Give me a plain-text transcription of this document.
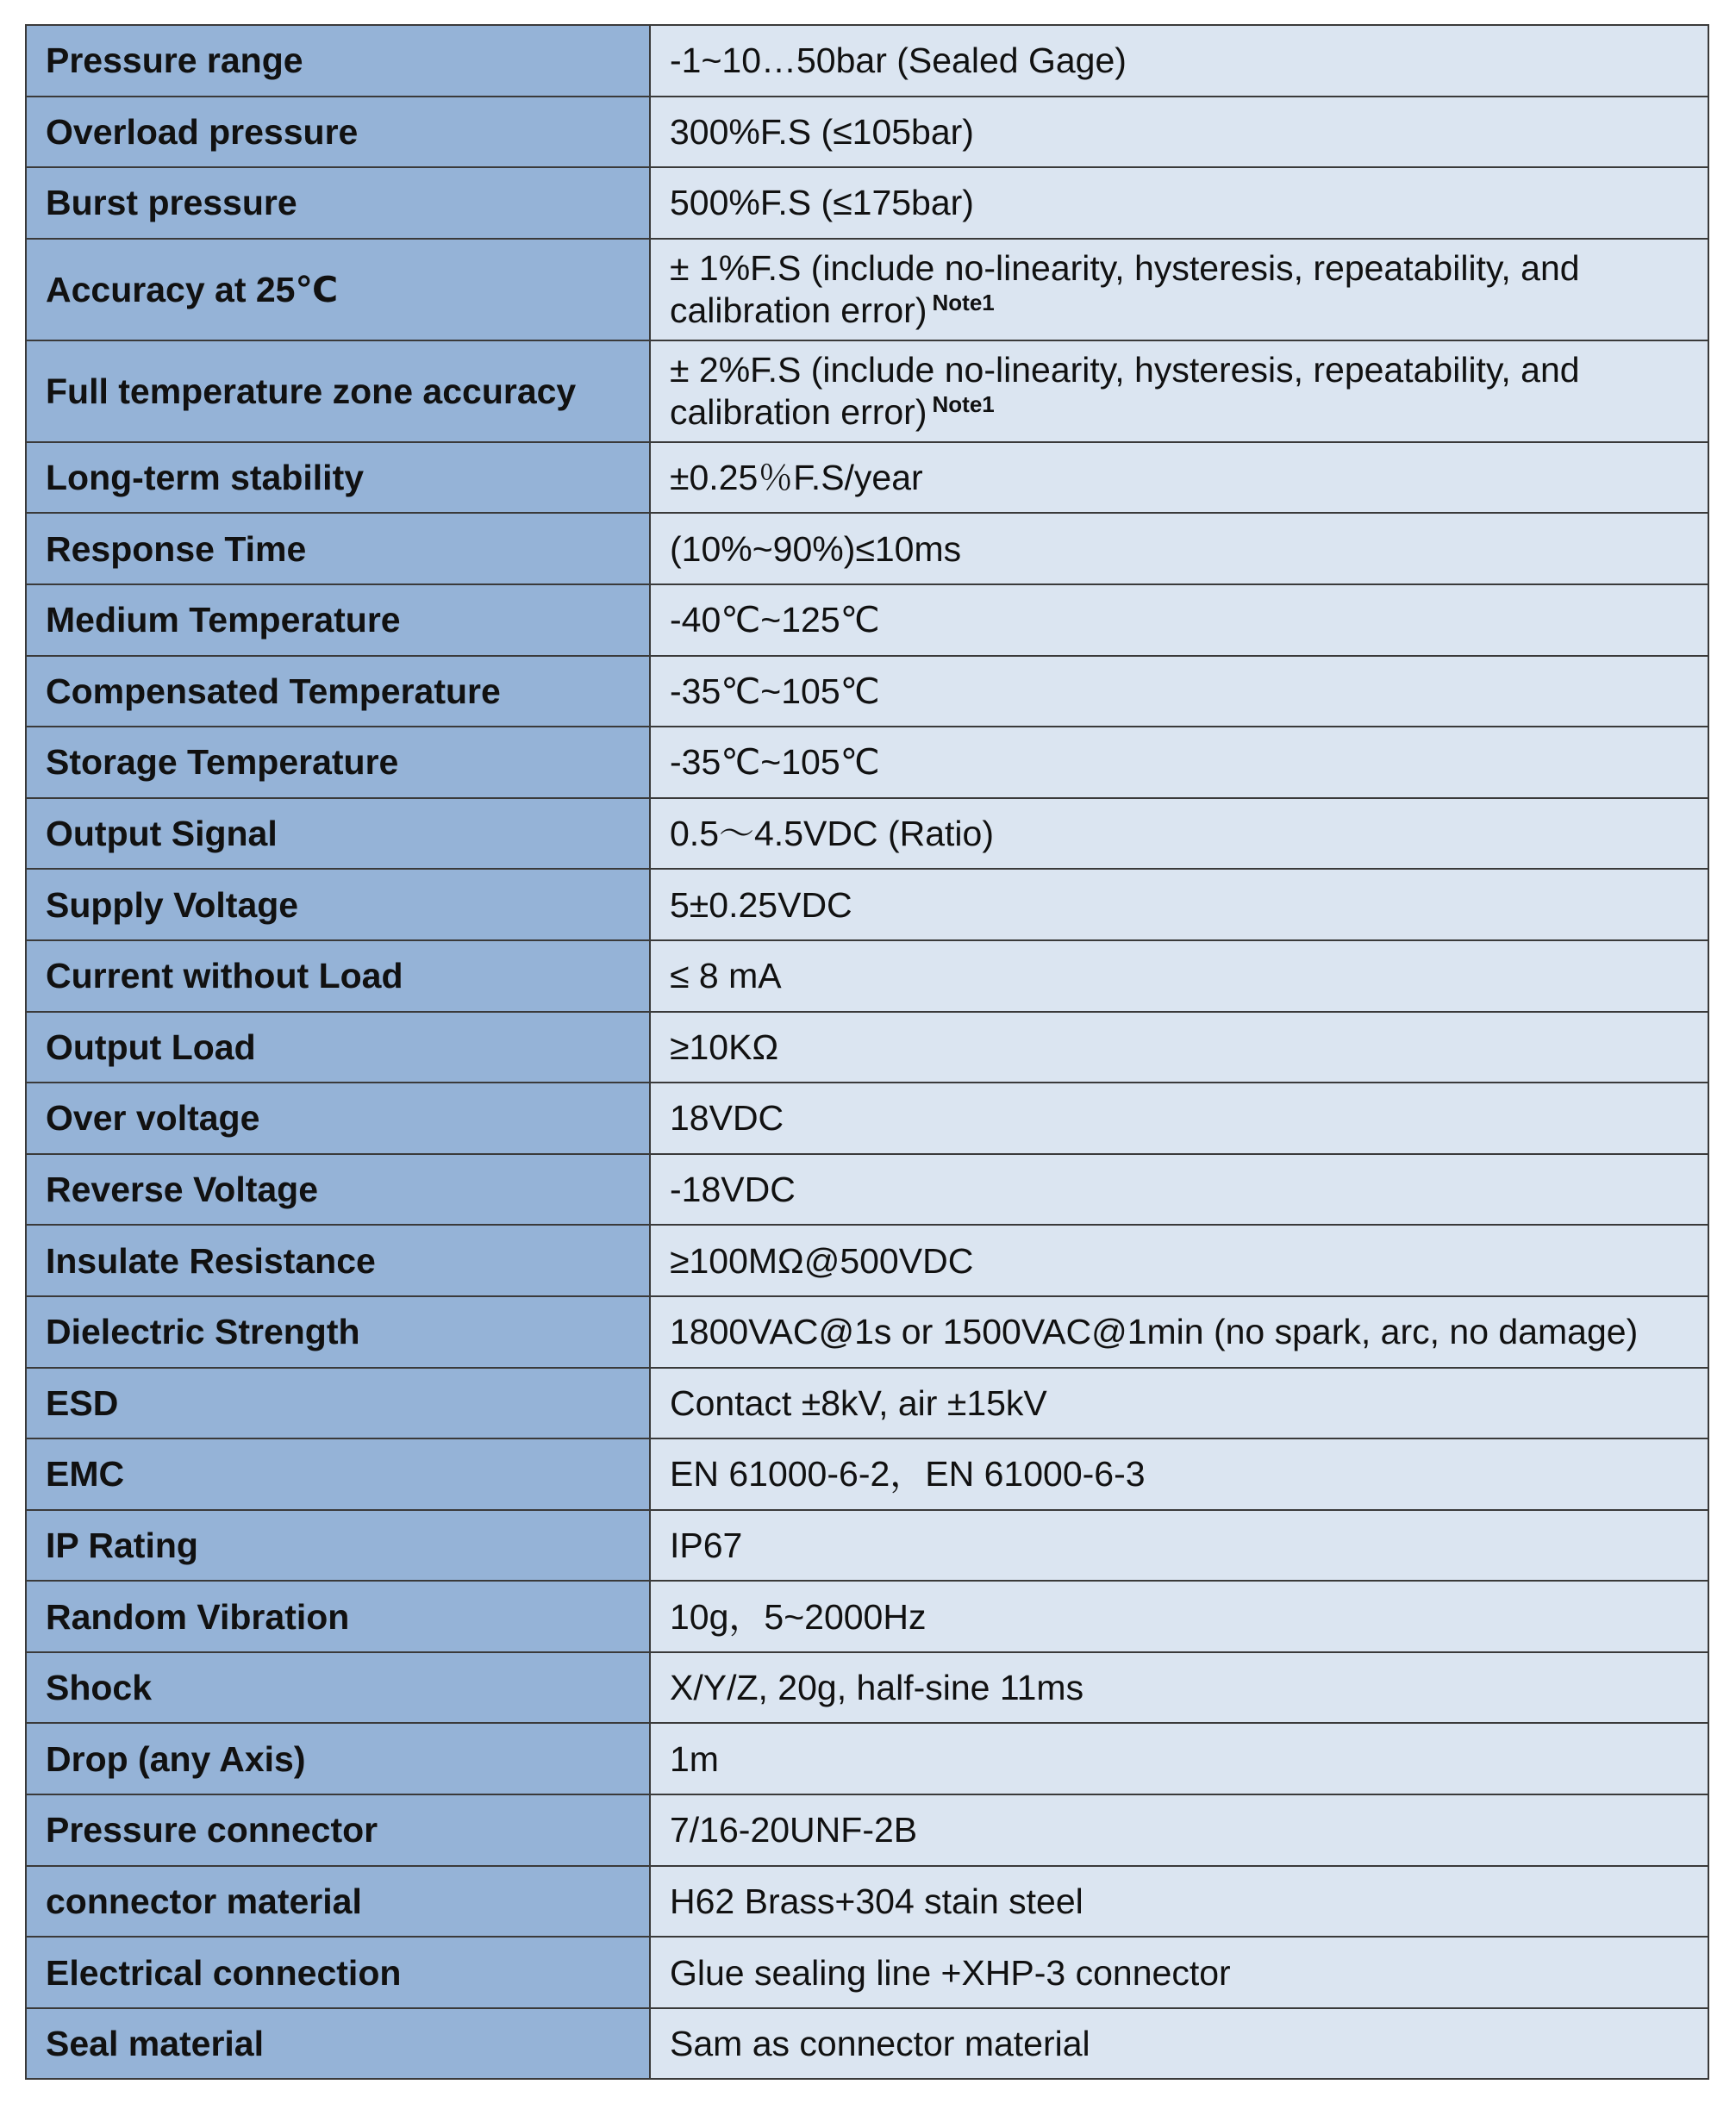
Pressure range	-1~10…50bar (Sealed Gage)
Overload pressure	300%F.S (≤105bar)
Burst pressure	500%F.S (≤175bar)
Accuracy at 25℃	± 1%F.S (include no-linearity, hysteresis, repeatability, and calibration error) $^{Note1}$
Full temperature zone accuracy	± 2%F.S (include no-linearity, hysteresis, repeatability, and calibration error) $^{Note1}$
Long-term stability	±0.25％F.S/year
Response Time	(10%~90%)≤10ms
Medium Temperature	-40℃~125℃
Compensated Temperature	-35℃~105℃
Storage Temperature	-35℃~105℃
Output Signal	0.5～4.5VDC (Ratio)
Supply Voltage	5±0.25VDC
Current without Load	≤ 8 mA
Output Load	≥10KΩ
Over voltage	18VDC
Reverse Voltage	-18VDC
Insulate Resistance	≥100MΩ@500VDC
Dielectric Strength	1800VAC@1s or 1500VAC@1min (no spark, arc, no damage)
ESD	Contact ±8kV, air ±15kV
EMC	EN 61000-6-2，EN 61000-6-3
IP Rating	IP67
Random Vibration	10g，5~2000Hz
Shock	X/Y/Z, 20g, half-sine 11ms
Drop (any Axis)	1m
Pressure connector	7/16-20UNF-2B
connector material	H62 Brass+304 stain steel
Electrical connection	Glue sealing line +XHP-3 connector
Seal material	Sam as connector material
